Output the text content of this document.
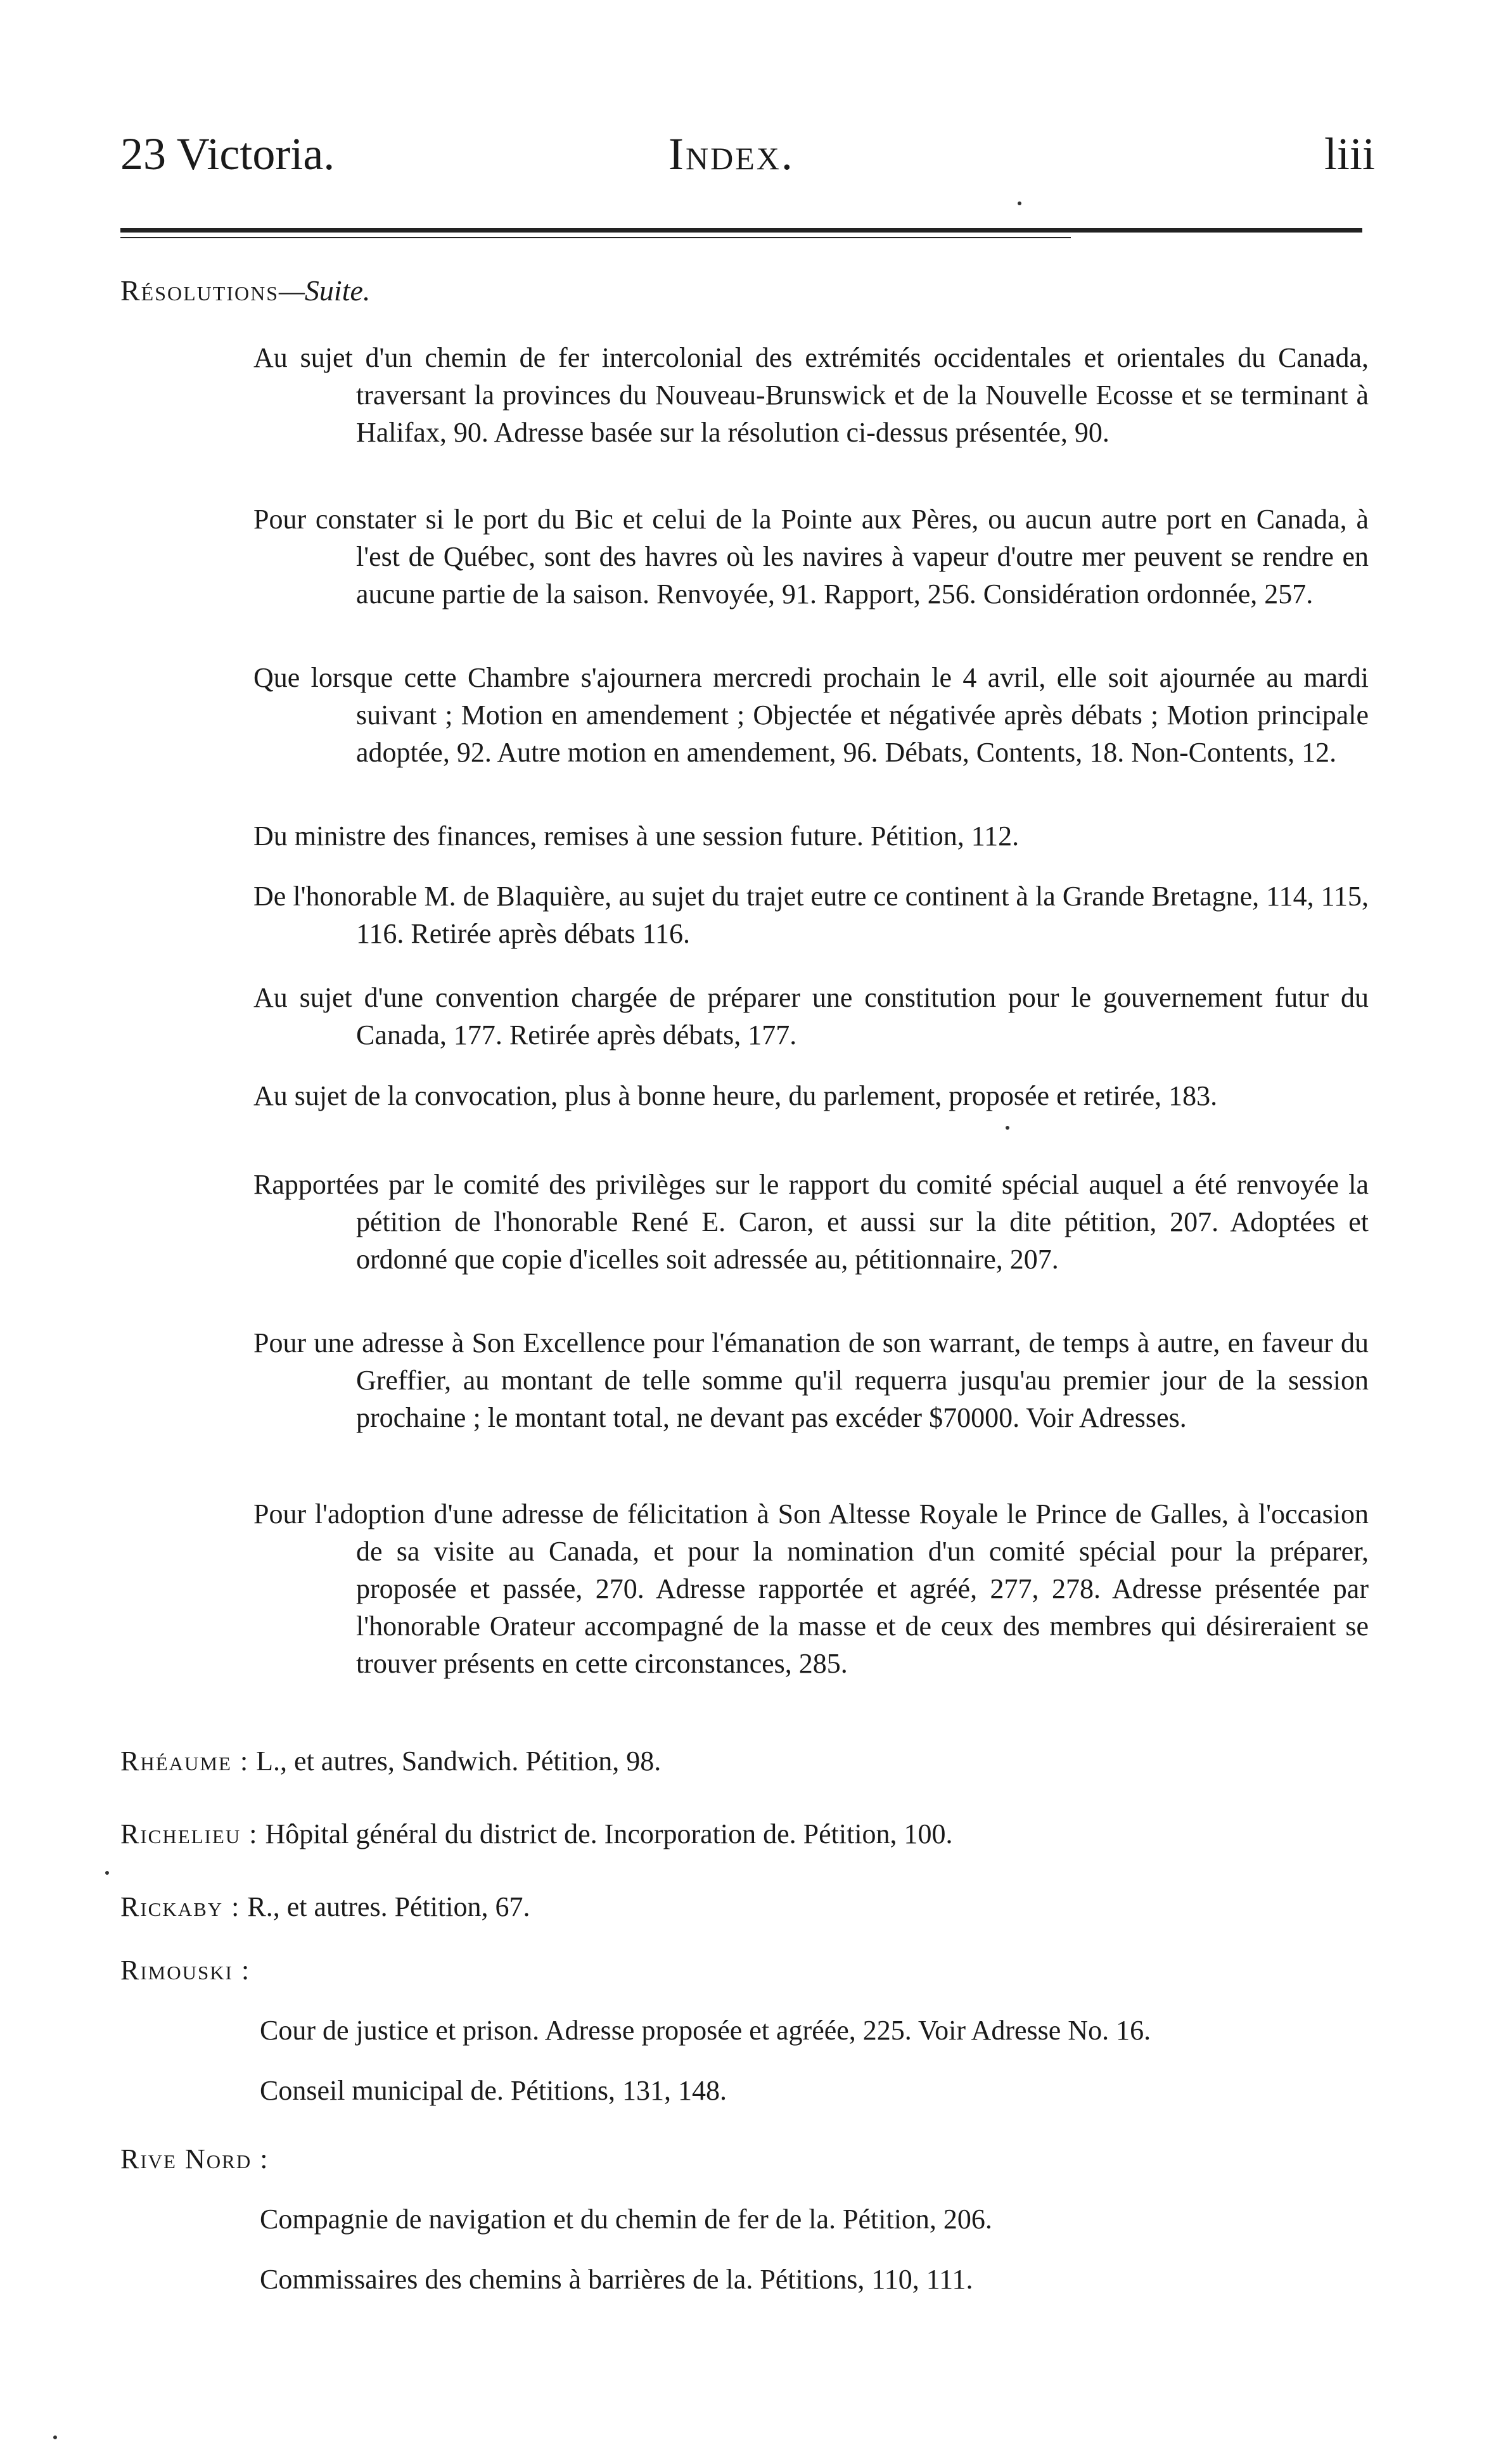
23 Victoria.	Index.	liii
Résolutions—Suite.
Au sujet d'un chemin de fer intercolonial des extrémités occidentales et orientales du Canada, traversant la provinces du Nouveau-Brunswick et de la Nouvelle Ecosse et se terminant à Halifax, 90. Adresse basée sur la résolution ci-dessus présentée, 90.
Pour constater si le port du Bic et celui de la Pointe aux Pères, ou aucun autre port en Canada, à l'est de Québec, sont des havres où les navires à vapeur d'outre mer peuvent se rendre en aucune partie de la saison. Renvoyée, 91. Rapport, 256. Considération ordonnée, 257.
Que lorsque cette Chambre s'ajournera mercredi prochain le 4 avril, elle soit ajournée au mardi suivant ; Motion en amendement ; Objectée et négativée après débats ; Motion principale adoptée, 92. Autre motion en amendement, 96. Débats, Contents, 18. Non-Contents, 12.
Du ministre des finances, remises à une session future. Pétition, 112.
De l'honorable M. de Blaquière, au sujet du trajet eutre ce continent à la Grande Bretagne, 114, 115, 116. Retirée après débats 116.
Au sujet d'une convention chargée de préparer une constitution pour le gouvernement futur du Canada, 177. Retirée après débats, 177.
Au sujet de la convocation, plus à bonne heure, du parlement, proposée et retirée, 183.
Rapportées par le comité des privilèges sur le rapport du comité spécial auquel a été renvoyée la pétition de l'honorable René E. Caron, et aussi sur la dite pétition, 207. Adoptées et ordonné que copie d'icelles soit adressée au, pétitionnaire, 207.
Pour une adresse à Son Excellence pour l'émanation de son warrant, de temps à autre, en faveur du Greffier, au montant de telle somme qu'il requerra jusqu'au premier jour de la session prochaine ; le montant total, ne devant pas excéder $70000. Voir Adresses.
Pour l'adoption d'une adresse de félicitation à Son Altesse Royale le Prince de Galles, à l'occasion de sa visite au Canada, et pour la nomination d'un comité spécial pour la préparer, proposée et passée, 270. Adresse rapportée et agréé, 277, 278. Adresse présentée par l'honorable Orateur accompagné de la masse et de ceux des membres qui désireraient se trouver présents en cette circonstances, 285.
Rhéaume : L., et autres, Sandwich. Pétition, 98.
Richelieu : Hôpital général du district de. Incorporation de. Pétition, 100.
Rickaby : R., et autres. Pétition, 67.
Rimouski :
Cour de justice et prison. Adresse proposée et agréée, 225. Voir Adresse No. 16.
Conseil municipal de. Pétitions, 131, 148.
Rive Nord :
Compagnie de navigation et du chemin de fer de la. Pétition, 206.
Commissaires des chemins à barrières de la. Pétitions, 110, 111.
